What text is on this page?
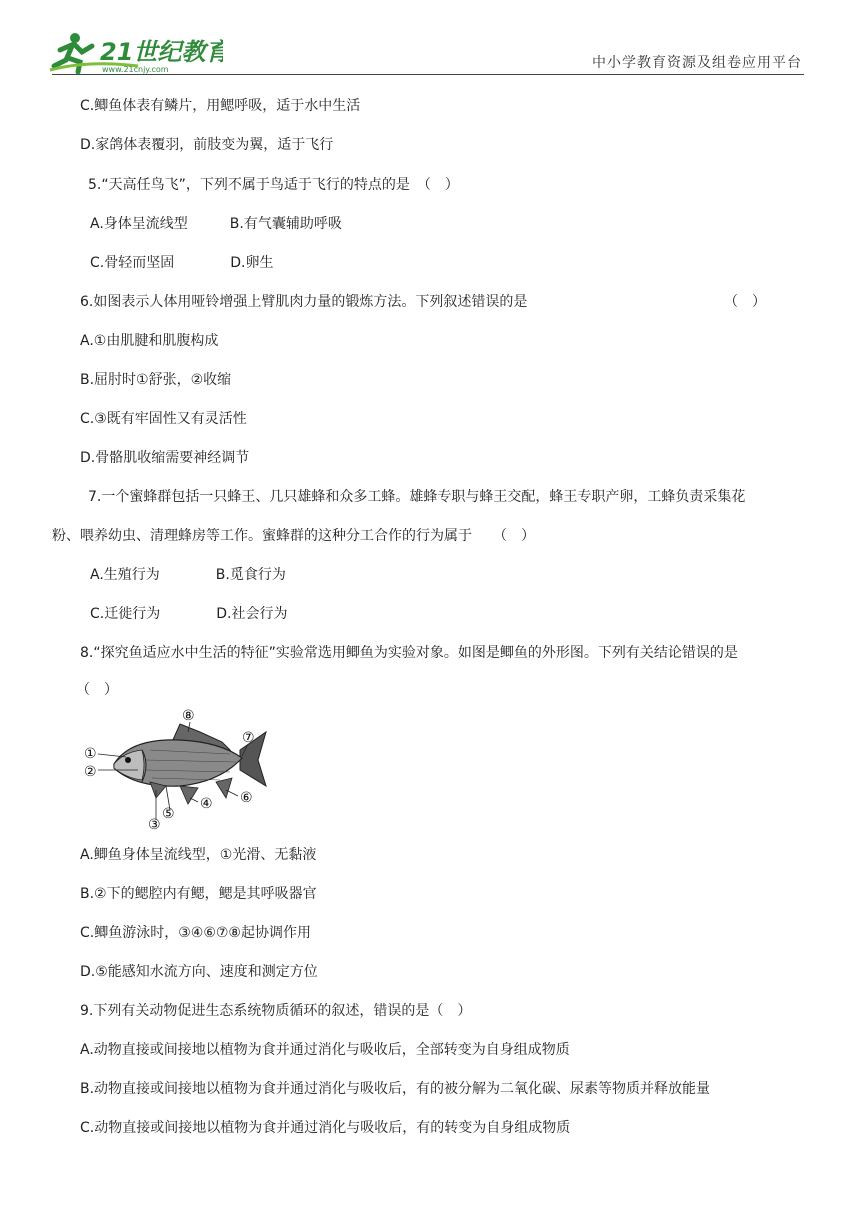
21世纪教育
www.21cnjy.com	中小学教育资源及组卷应用平台
C.鲫鱼体表有鳞片，用鳃呼吸，适于水中生活
D.家鸽体表覆羽，前肢变为翼，适于飞行
5.“天高任鸟飞”，下列不属于鸟适于飞行的特点的是　（　）
A.身体呈流线型　　　B.有气囊辅助呼吸
C.骨轻而坚固　　　　D.卵生
6.如图表示人体用哑铃增强上臂肌肉力量的锻炼方法。下列叙述错误的是	（　）
A.①由肌腱和肌腹构成
B.屈肘时①舒张，②收缩
C.③既有牢固性又有灵活性
D.骨骼肌收缩需要神经调节
7.一个蜜蜂群包括一只蜂王、几只雄蜂和众多工蜂。雄蜂专职与蜂王交配，蜂王专职产卵，工蜂负责采集花
粉、喂养幼虫、清理蜂房等工作。蜜蜂群的这种分工合作的行为属于　　（　）
A.生殖行为　　　　B.觅食行为
C.迁徙行为　　　　D.社会行为
8.“探究鱼适应水中生活的特征”实验常选用鲫鱼为实验对象。如图是鲫鱼的外形图。下列有关结论错误的是
（　）
①
②
③
④
⑤
⑥
⑦
⑧
A.鲫鱼身体呈流线型，①光滑、无黏液
B.②下的鳃腔内有鳃，鳃是其呼吸器官
C.鲫鱼游泳时，③④⑥⑦⑧起协调作用
D.⑤能感知水流方向、速度和测定方位
9.下列有关动物促进生态系统物质循环的叙述，错误的是（　）
A.动物直接或间接地以植物为食并通过消化与吸收后，全部转变为自身组成物质
B.动物直接或间接地以植物为食并通过消化与吸收后，有的被分解为二氧化碳、尿素等物质并释放能量
C.动物直接或间接地以植物为食并通过消化与吸收后，有的转变为自身组成物质
